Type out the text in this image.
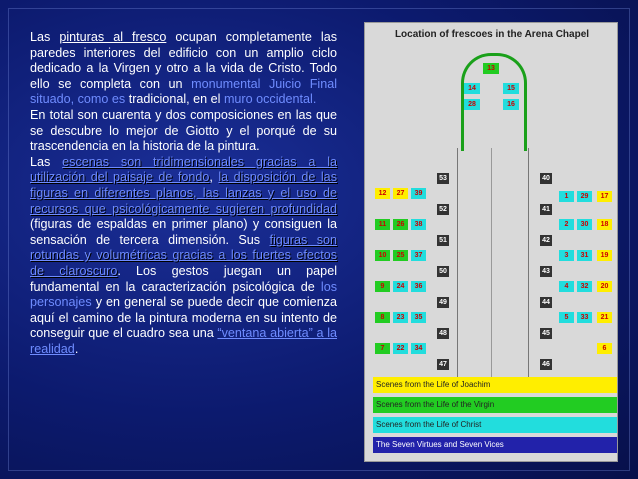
Las pinturas al fresco ocupan completamente las paredes interiores del edificio con un amplio ciclo dedicado a la Virgen y otro a la vida de Cristo. Todo ello se completa con un monumental Juicio Final situado, como es tradicional, en el muro occidental.

En total son cuarenta y dos composiciones en las que se descubre lo mejor de Giotto y el porqué de su trascendencia en la historia de la pintura.

Las escenas son tridimensionales gracias a la utilización del paisaje de fondo, la disposición de las figuras en diferentes planos, las lanzas y el uso de recursos que psicológicamente sugieren profundidad (figuras de espaldas en primer plano) y consiguen la sensación de tercera dimensión. Sus figuras son rotundas y volumétricas gracias a los fuertes efectos de claroscuro. Los gestos juegan un papel fundamental en la caracterización psicológica de los personajes y en general se puede decir que comienza aquí el camino de la pintura moderna en su intento de conseguir que el cuadro sea una “ventana abierta” a la realidad.

Location of frescoes in the Arena Chapel
13
14	15
28	16
12	27	39
11	26	38
10	25	37
9	24	36
8	23	35
7	22	34
1	29	17
2	30	18
3	31	19
4	32	20
5	33	21
6
53
52
51
50
49
48
47
40
41
42
43
44
45
46
Scenes from the Life of Joachim
Scenes from the Life of the Virgin
Scenes from the Life of Christ
The Seven Virtues and Seven Vices
